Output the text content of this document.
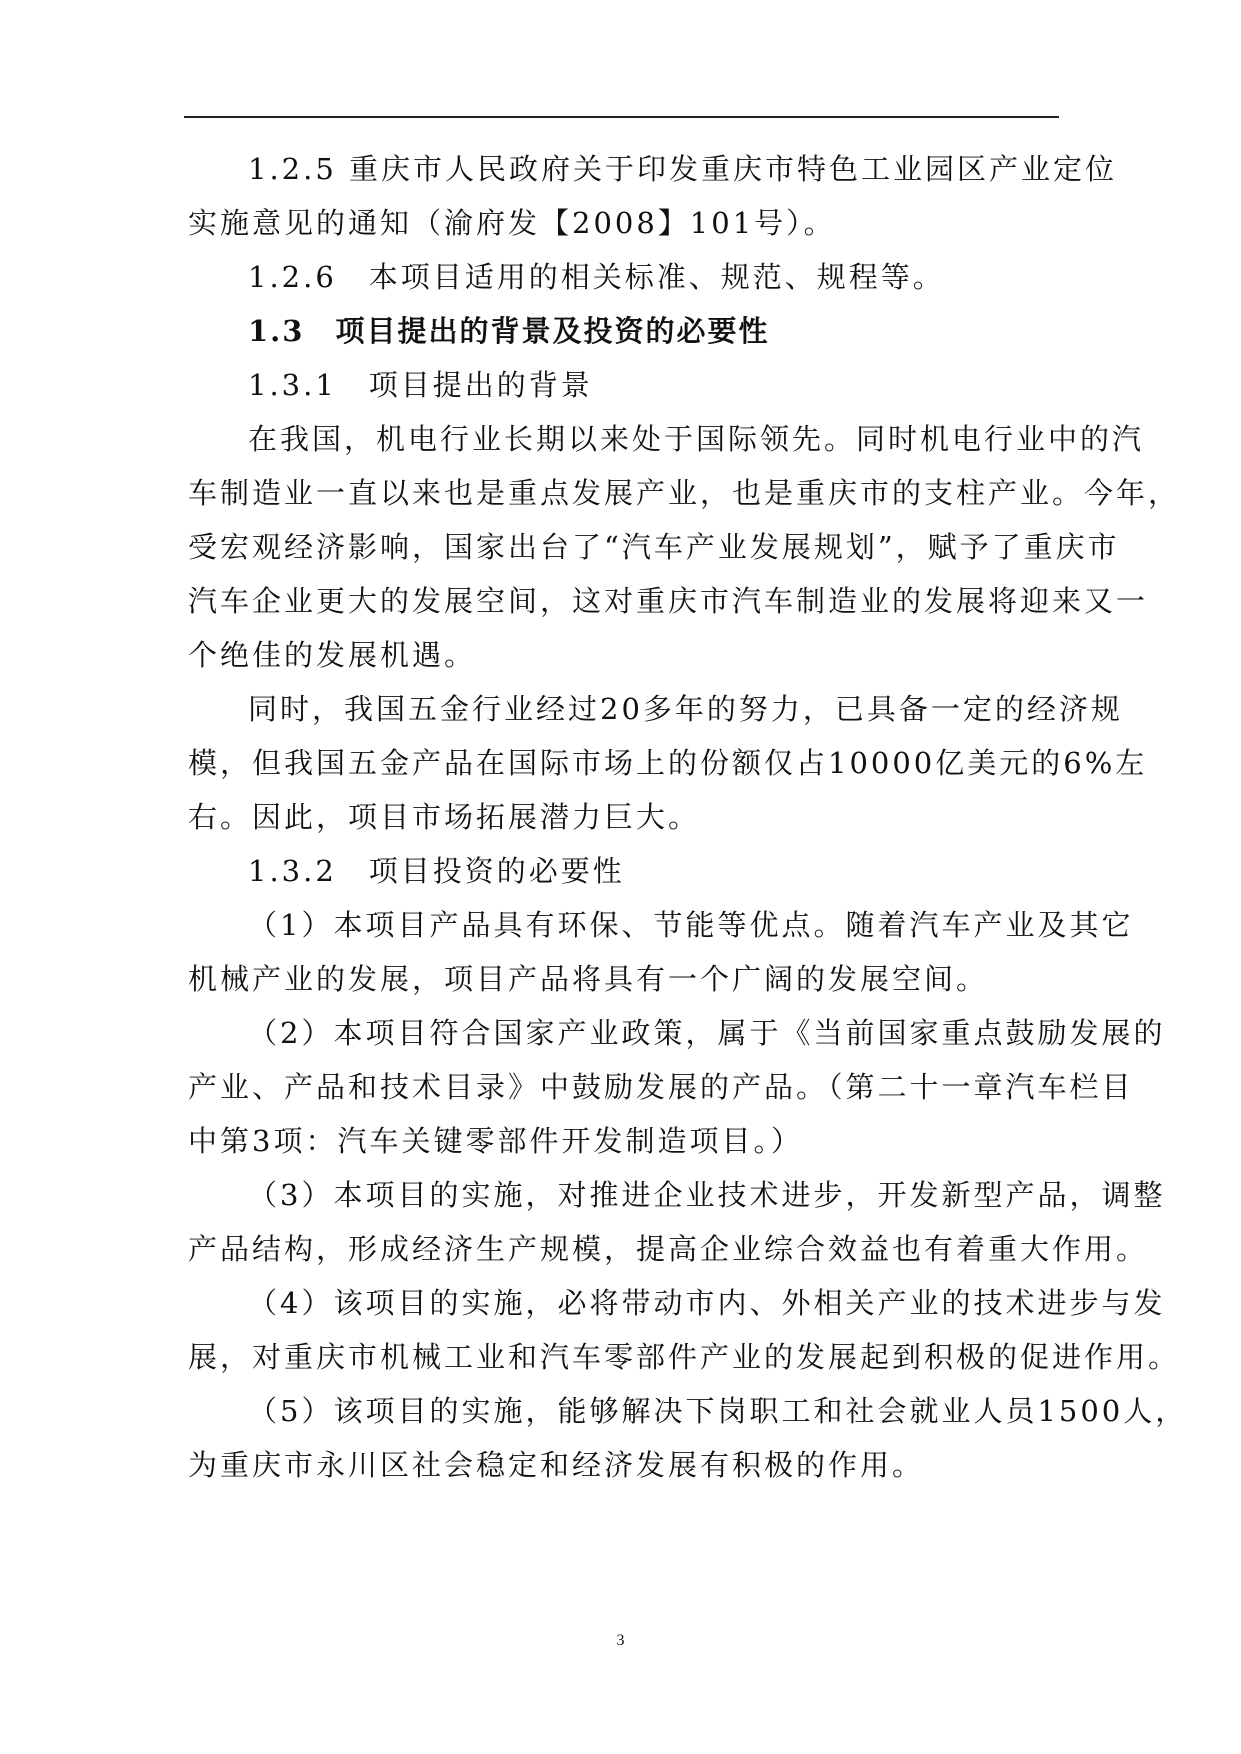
1.2.5 重庆市人民政府关于印发重庆市特色工业园区产业定位
实施意见的通知（渝府发【2008】101号）。
1.2.6　本项目适用的相关标准、规范、规程等。
1.3　项目提出的背景及投资的必要性
1.3.1　项目提出的背景
在我国，机电行业长期以来处于国际领先。同时机电行业中的汽
车制造业一直以来也是重点发展产业，也是重庆市的支柱产业。今年，
受宏观经济影响，国家出台了“汽车产业发展规划”，赋予了重庆市
汽车企业更大的发展空间，这对重庆市汽车制造业的发展将迎来又一
个绝佳的发展机遇。
同时，我国五金行业经过20多年的努力，已具备一定的经济规
模，但我国五金产品在国际市场上的份额仅占10000亿美元的6%左
右。因此，项目市场拓展潜力巨大。
1.3.2　项目投资的必要性
（1）本项目产品具有环保、节能等优点。随着汽车产业及其它
机械产业的发展，项目产品将具有一个广阔的发展空间。
（2）本项目符合国家产业政策，属于《当前国家重点鼓励发展的
产业、产品和技术目录》中鼓励发展的产品。（第二十一章汽车栏目
中第3项：汽车关键零部件开发制造项目。）
（3）本项目的实施，对推进企业技术进步，开发新型产品，调整
产品结构，形成经济生产规模，提高企业综合效益也有着重大作用。
（4）该项目的实施，必将带动市内、外相关产业的技术进步与发
展，对重庆市机械工业和汽车零部件产业的发展起到积极的促进作用。
（5）该项目的实施，能够解决下岗职工和社会就业人员1500人，
为重庆市永川区社会稳定和经济发展有积极的作用。
3
